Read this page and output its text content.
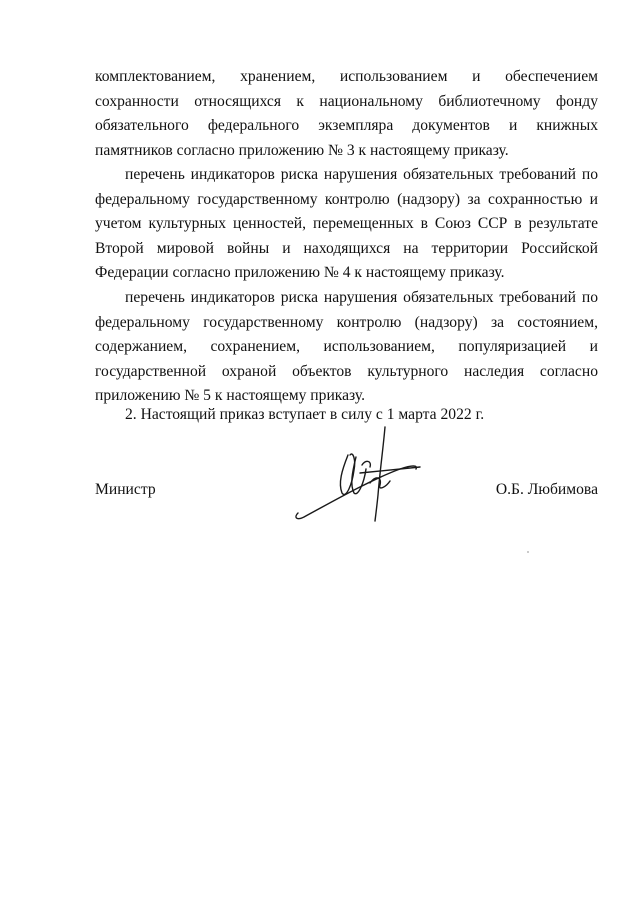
комплектованием, хранением, использованием и обеспечением сохранности относящихся к национальному библиотечному фонду обязательного федерального экземпляра документов и книжных памятников согласно приложению № 3 к настоящему приказу.

перечень индикаторов риска нарушения обязательных требований по федеральному государственному контролю (надзору) за сохранностью и учетом культурных ценностей, перемещенных в Союз ССР в результате Второй мировой войны и находящихся на территории Российской Федерации согласно приложению № 4 к настоящему приказу.

перечень индикаторов риска нарушения обязательных требований по федеральному государственному контролю (надзору) за состоянием, содержанием, сохранением, использованием, популяризацией и государственной охраной объектов культурного наследия согласно приложению № 5 к настоящему приказу.

2. Настоящий приказ вступает в силу с 1 марта 2022 г.

Министр	О.Б. Любимова
